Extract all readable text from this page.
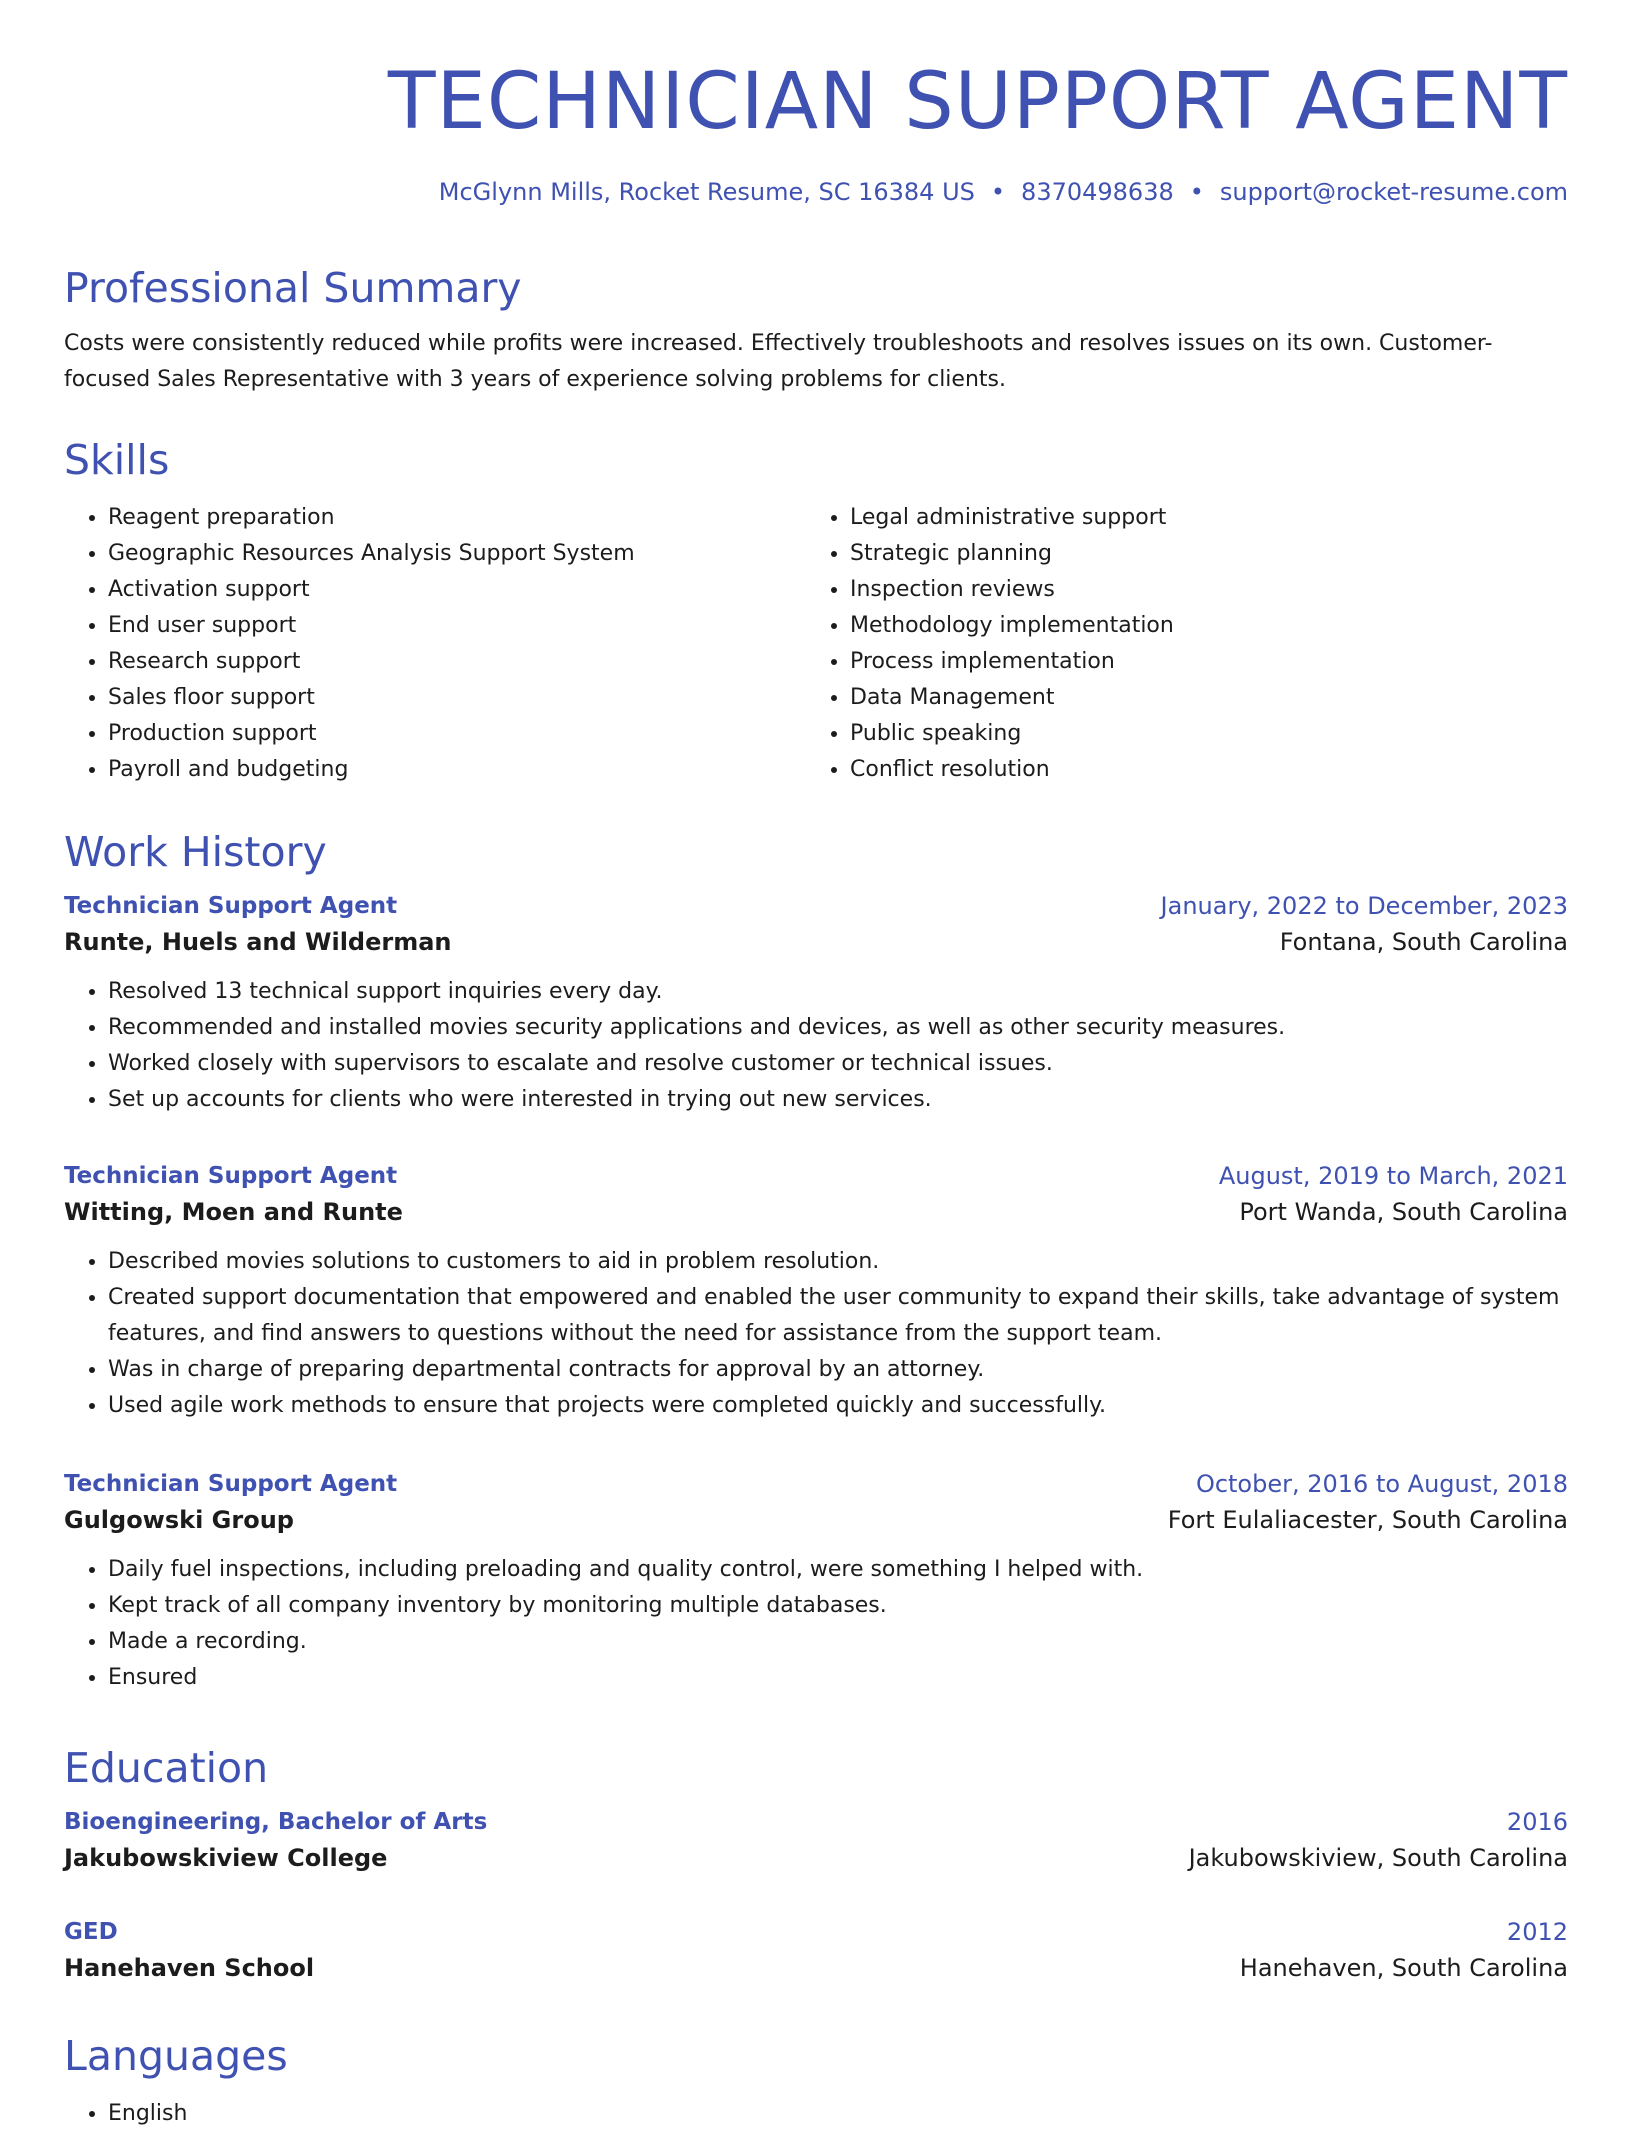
TECHNICIAN SUPPORT AGENT
McGlynn Mills, Rocket Resume, SC 16384 US • 8370498638 • support@rocket-resume.com
Professional Summary
Costs were consistently reduced while profits were increased. Effectively troubleshoots and resolves issues on its own. Customer-focused Sales Representative with 3 years of experience solving problems for clients.
Skills
• Reagent preparation
• Geographic Resources Analysis Support System
• Activation support
• End user support
• Research support
• Sales floor support
• Production support
• Payroll and budgeting
• Legal administrative support
• Strategic planning
• Inspection reviews
• Methodology implementation
• Process implementation
• Data Management
• Public speaking
• Conflict resolution
Work History
Technician Support Agent	January, 2022 to December, 2023
Runte, Huels and Wilderman	Fontana, South Carolina
• Resolved 13 technical support inquiries every day.
• Recommended and installed movies security applications and devices, as well as other security measures.
• Worked closely with supervisors to escalate and resolve customer or technical issues.
• Set up accounts for clients who were interested in trying out new services.
Technician Support Agent	August, 2019 to March, 2021
Witting, Moen and Runte	Port Wanda, South Carolina
• Described movies solutions to customers to aid in problem resolution.
• Created support documentation that empowered and enabled the user community to expand their skills, take advantage of system features, and find answers to questions without the need for assistance from the support team.
• Was in charge of preparing departmental contracts for approval by an attorney.
• Used agile work methods to ensure that projects were completed quickly and successfully.
Technician Support Agent	October, 2016 to August, 2018
Gulgowski Group	Fort Eulaliacester, South Carolina
• Daily fuel inspections, including preloading and quality control, were something I helped with.
• Kept track of all company inventory by monitoring multiple databases.
• Made a recording.
• Ensured
Education
Bioengineering, Bachelor of Arts	2016
Jakubowskiview College	Jakubowskiview, South Carolina
GED	2012
Hanehaven School	Hanehaven, South Carolina
Languages
• English
